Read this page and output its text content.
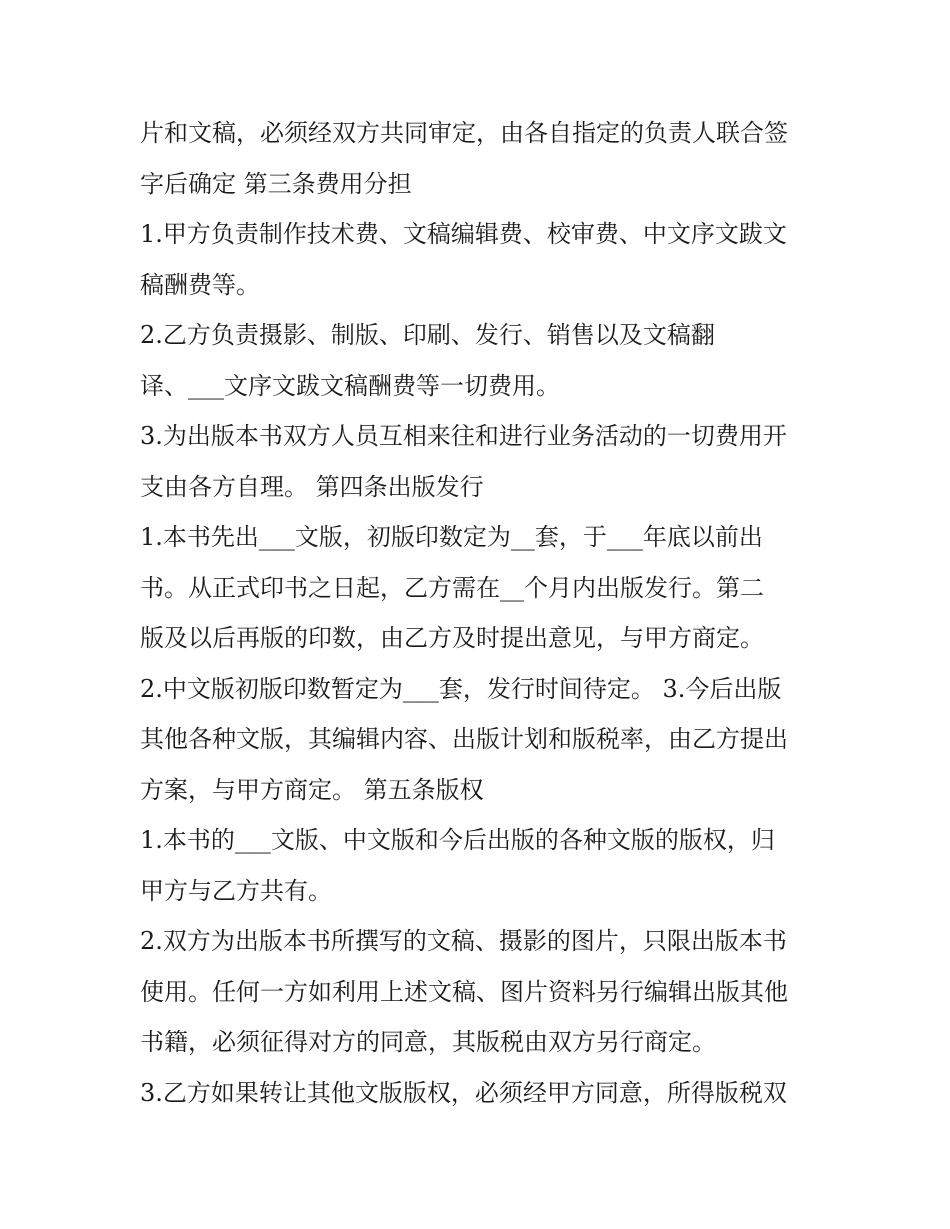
片和文稿，必须经双方共同审定，由各自指定的负责人联合签
字后确定 第三条费用分担
1.甲方负责制作技术费、文稿编辑费、校审费、中文序文跋文
稿酬费等。
2.乙方负责摄影、制版、印刷、发行、销售以及文稿翻
译、___文序文跋文稿酬费等一切费用。
3.为出版本书双方人员互相来往和进行业务活动的一切费用开
支由各方自理。 第四条出版发行
1.本书先出___文版，初版印数定为__套，于___年底以前出
书。从正式印书之日起，乙方需在__个月内出版发行。第二
版及以后再版的印数，由乙方及时提出意见，与甲方商定。
2.中文版初版印数暂定为___套，发行时间待定。 3.今后出版
其他各种文版，其编辑内容、出版计划和版税率，由乙方提出
方案，与甲方商定。 第五条版权
1.本书的___文版、中文版和今后出版的各种文版的版权，归
甲方与乙方共有。
2.双方为出版本书所撰写的文稿、摄影的图片，只限出版本书
使用。任何一方如利用上述文稿、图片资料另行编辑出版其他
书籍，必须征得对方的同意，其版税由双方另行商定。
3.乙方如果转让其他文版版权，必须经甲方同意，所得版税双
